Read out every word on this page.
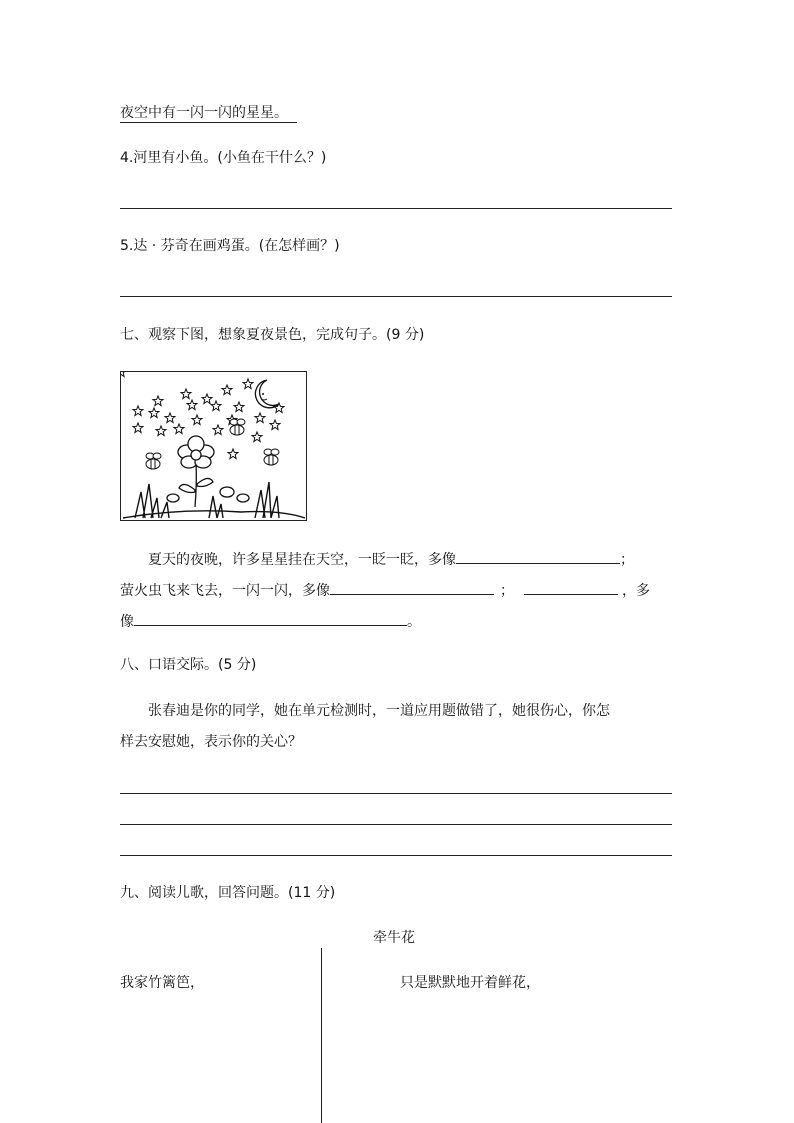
夜空中有一闪一闪的星星。
4.河里有小鱼。(小鱼在干什么？)
5.达 · 芬奇在画鸡蛋。(在怎样画？)
七、观察下图，想象夏夜景色，完成句子。(9 分)
夏天的夜晚，许多星星挂在天空，一眨一眨，多像	；
萤火虫飞来飞去，一闪一闪，多像	；	，多
像	。
八、口语交际。(5 分)
张春迪是你的同学，她在单元检测时，一道应用题做错了，她很伤心，你怎
样去安慰她，表示你的关心？
九、阅读儿歌，回答问题。(11 分)
牵牛花
我家竹篱笆，	只是默默地开着鲜花，
